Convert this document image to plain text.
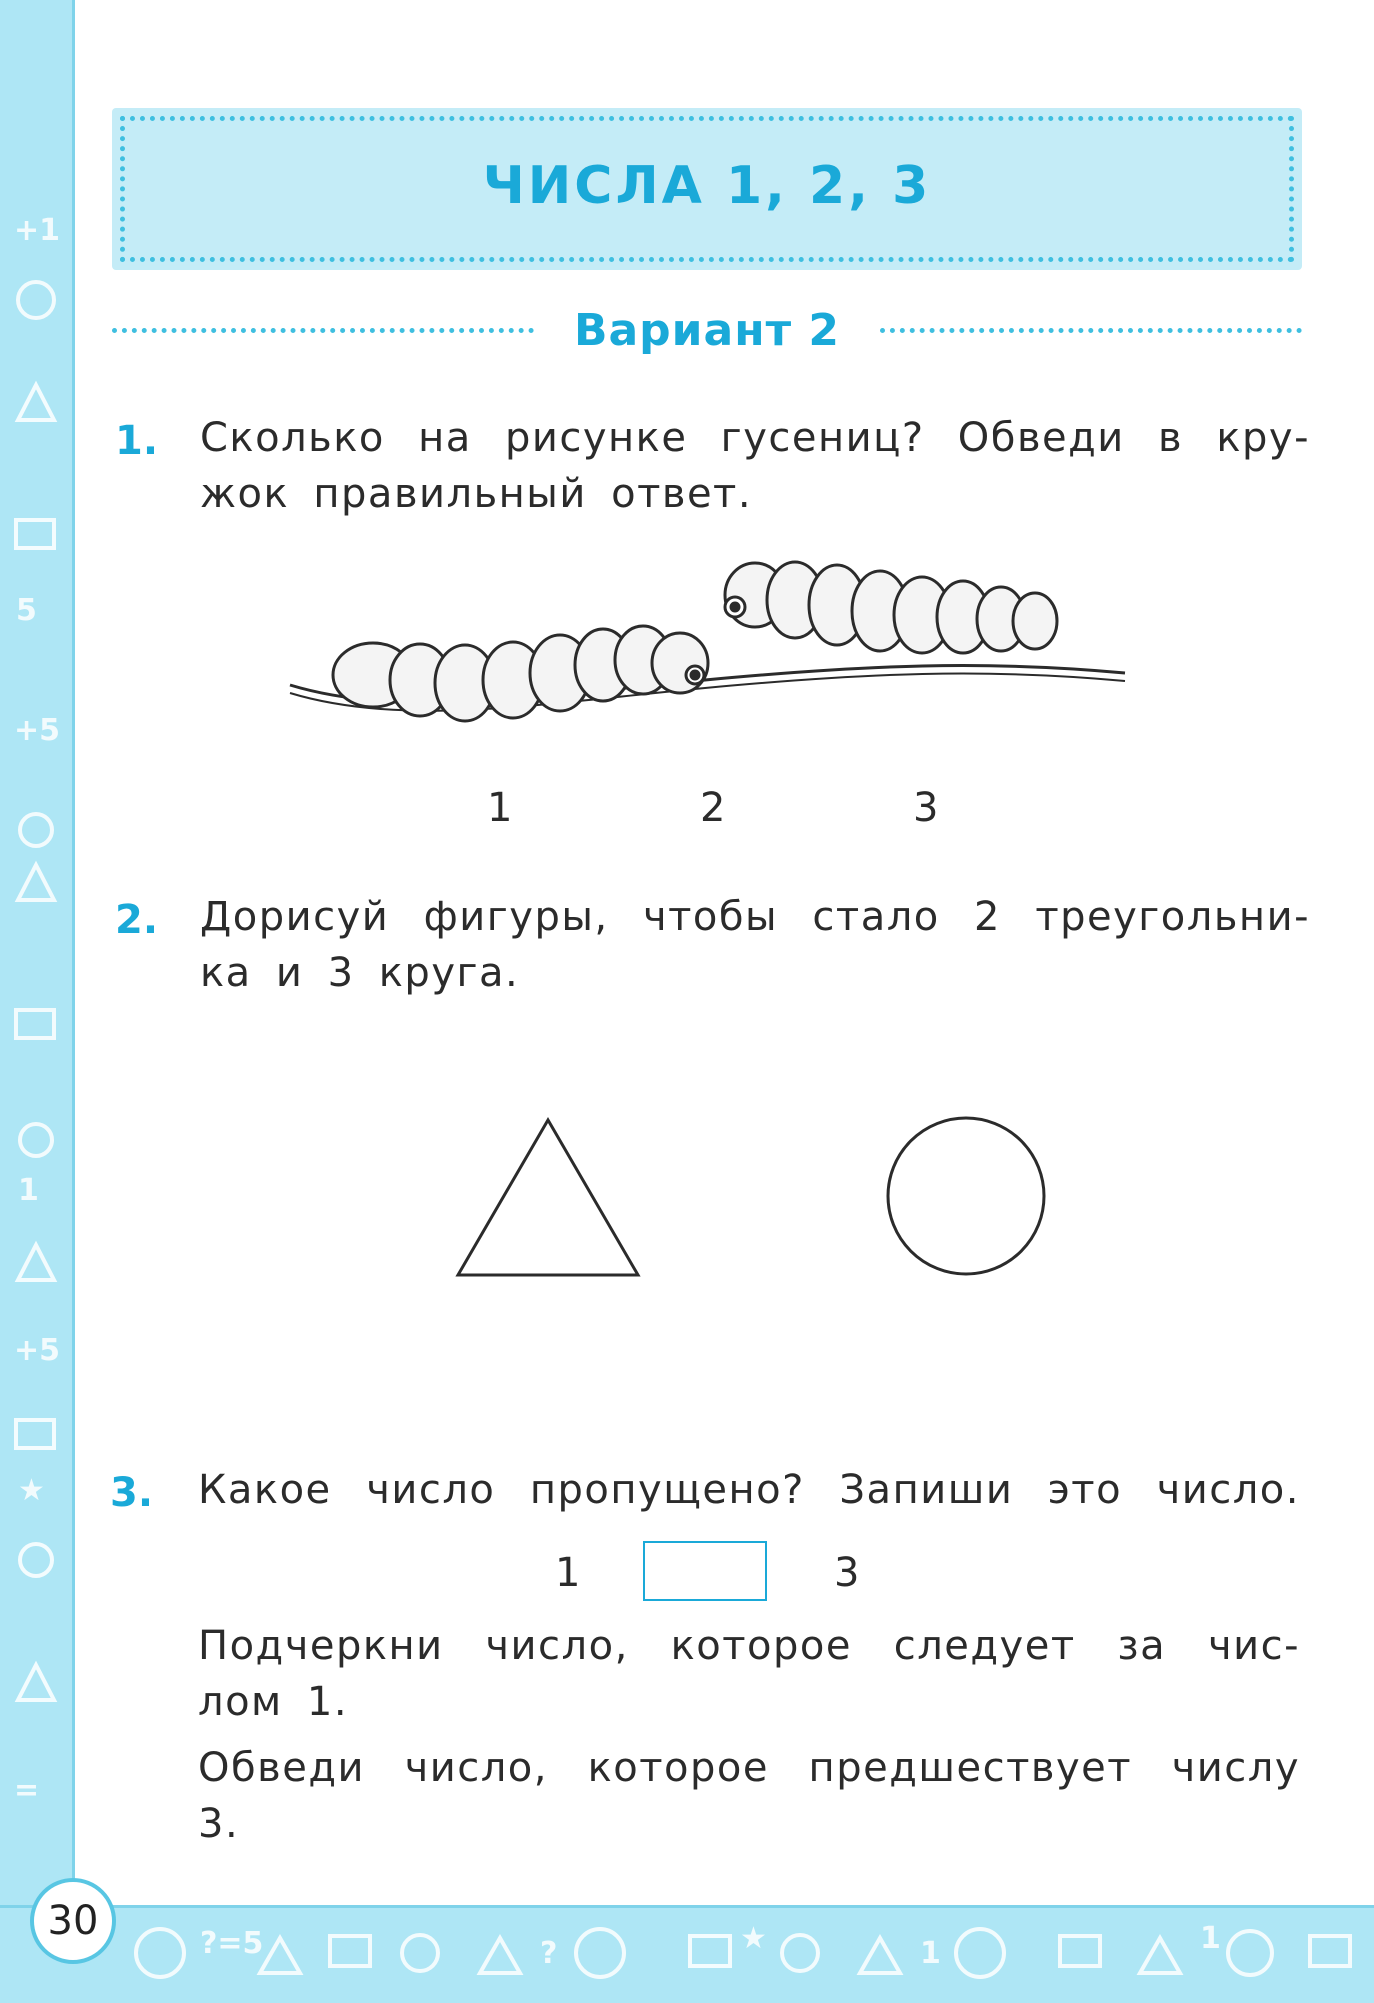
+1
5
+5
1
+5
★
=
?=5	?	★	1	1
30
ЧИСЛА 1, 2, 3
Вариант 2
1. Сколько на рисунке гусениц? Обведи в кру-
жок правильный ответ.
1	2	3
2. Дорисуй фигуры, чтобы стало 2 треугольни-
ка и 3 круга.
3. Какое число пропущено? Запиши это число.
1	3
Подчеркни число, которое следует за чис-
лом 1.
Обведи число, которое предшествует числу 3.
